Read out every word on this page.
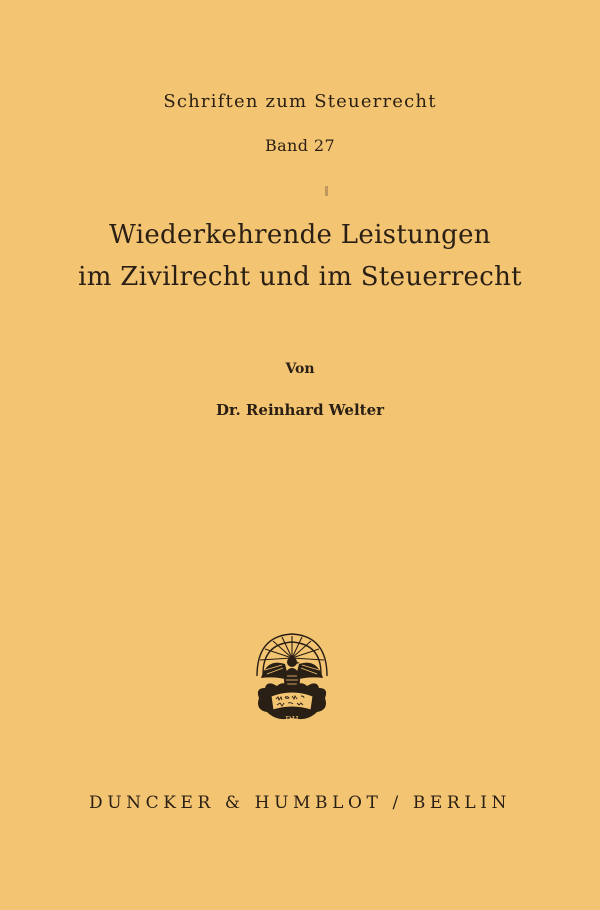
Schriften zum Steuerrecht
Band 27
Wiederkehrende Leistungen
im Zivilrecht und im Steuerrecht
Von
Dr. Reinhard Welter
DH
DUNCKER & HUMBLOT / BERLIN
